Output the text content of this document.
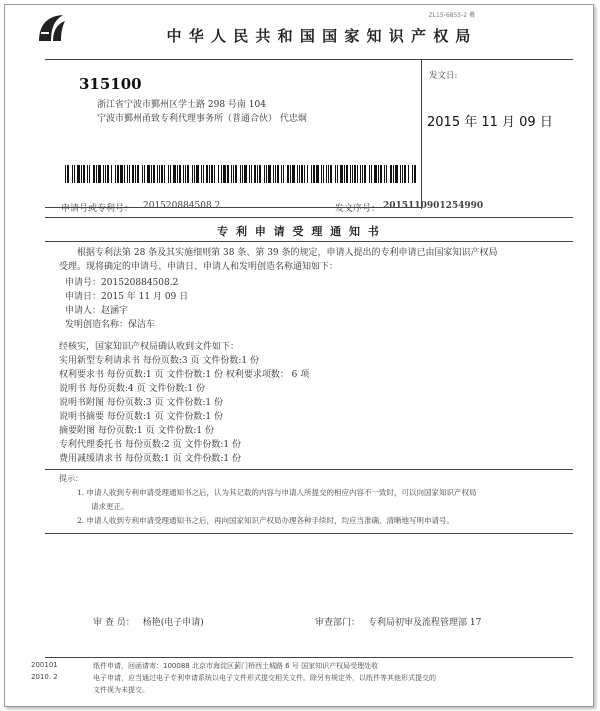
中 华 人 民 共 和 国 国 家 知 识 产 权 局
ZL15-6855-2 機
315100
浙江省宁波市鄞州区学士路 298 号南 104
宁波市鄞州甬致专利代理事务所（普通合伙） 代忠炯
发文日:
2015 年 11 月 09 日
申请号或专利号： 201520884508.2	发文序号： 2015110901254990
专 利 申 请 受 理 通 知 书
根据专利法第 28 条及其实施细则第 38 条、第 39 条的规定，申请人提出的专利申请已由国家知识产权局
受理。现将确定的申请号、申请日、申请人和发明创造名称通知如下：
申请号：201520884508.2
申请日：2015 年 11 月 09 日
申请人：赵涵宇
发明创造名称：保洁车
经核实，国家知识产权局确认收到文件如下：
实用新型专利请求书 每份页数:3 页 文件份数:1 份
权利要求书 每份页数:1 页 文件份数:1 份 权利要求项数： 6 项
说明书 每份页数:4 页 文件份数:1 份
说明书附图 每份页数:3 页 文件份数:1 份
说明书摘要 每份页数:1 页 文件份数:1 份
摘要附图 每份页数:1 页 文件份数:1 份
专利代理委托书 每份页数:2 页 文件份数:1 份
费用减缓请求书 每份页数:1 页 文件份数:1 份
提示：
1. 申请人收到专利申请受理通知书之后，认为其记载的内容与申请人所提交的相应内容不一致时，可以向国家知识产权局
请求更正。
2. 申请人收到专利申请受理通知书之后，再向国家知识产权局办理各种手续时，均应当准确、清晰地写明申请号。
审 查 员： 杨艳(电子申请)	审查部门： 专利局初审及流程管理部 17
200101
2010. 2
纸件申请，回函请寄：100088 北京市海淀区蓟门桥西土城路 6 号 国家知识产权局受理处收
电子申请，应当通过电子专利申请系统以电子文件形式提交相关文件。除另有规定外，以纸件等其他形式提交的
文件视为未提交。
